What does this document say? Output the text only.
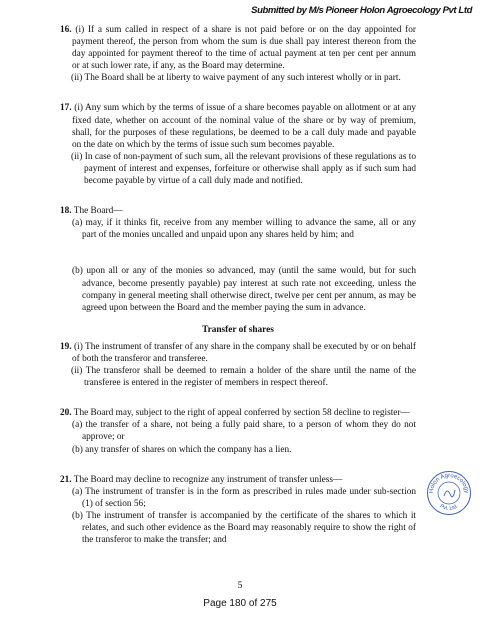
Submitted by M/s Pioneer Holon Agroecology Pvt Ltd
16. (i) If a sum called in respect of a share is not paid before or on the day appointed for payment thereof, the person from whom the sum is due shall pay interest thereon from the day appointed for payment thereof to the time of actual payment at ten per cent per annum or at such lower rate, if any, as the Board may determine.
(ii) The Board shall be at liberty to waive payment of any such interest wholly or in part.
17. (i) Any sum which by the terms of issue of a share becomes payable on allotment or at any fixed date, whether on account of the nominal value of the share or by way of premium, shall, for the purposes of these regulations, be deemed to be a call duly made and payable on the date on which by the terms of issue such sum becomes payable.
(ii) In case of non-payment of such sum, all the relevant provisions of these regulations as to payment of interest and expenses, forfeiture or otherwise shall apply as if such sum had become payable by virtue of a call duly made and notified.
18. The Board—
(a) may, if it thinks fit, receive from any member willing to advance the same, all or any part of the monies uncalled and unpaid upon any shares held by him; and
(b) upon all or any of the monies so advanced, may (until the same would, but for such advance, become presently payable) pay interest at such rate not exceeding, unless the company in general meeting shall otherwise direct, twelve per cent per annum, as may be agreed upon between the Board and the member paying the sum in advance.
Transfer of shares
19. (i) The instrument of transfer of any share in the company shall be executed by or on behalf of both the transferor and transferee.
(ii) The transferor shall be deemed to remain a holder of the share until the name of the transferee is entered in the register of members in respect thereof.
20. The Board may, subject to the right of appeal conferred by section 58 decline to register—
(a) the transfer of a share, not being a fully paid share, to a person of whom they do not approve; or
(b) any transfer of shares on which the company has a lien.
21. The Board may decline to recognize any instrument of transfer unless—
(a) The instrument of transfer is in the form as prescribed in rules made under sub-section (1) of section 56;
(b) The instrument of transfer is accompanied by the certificate of the shares to which it relates, and such other evidence as the Board may reasonably require to show the right of the transferor to make the transfer; and
Holon Agroecology
Pvt. Ltd.
5
Page 180 of 275
